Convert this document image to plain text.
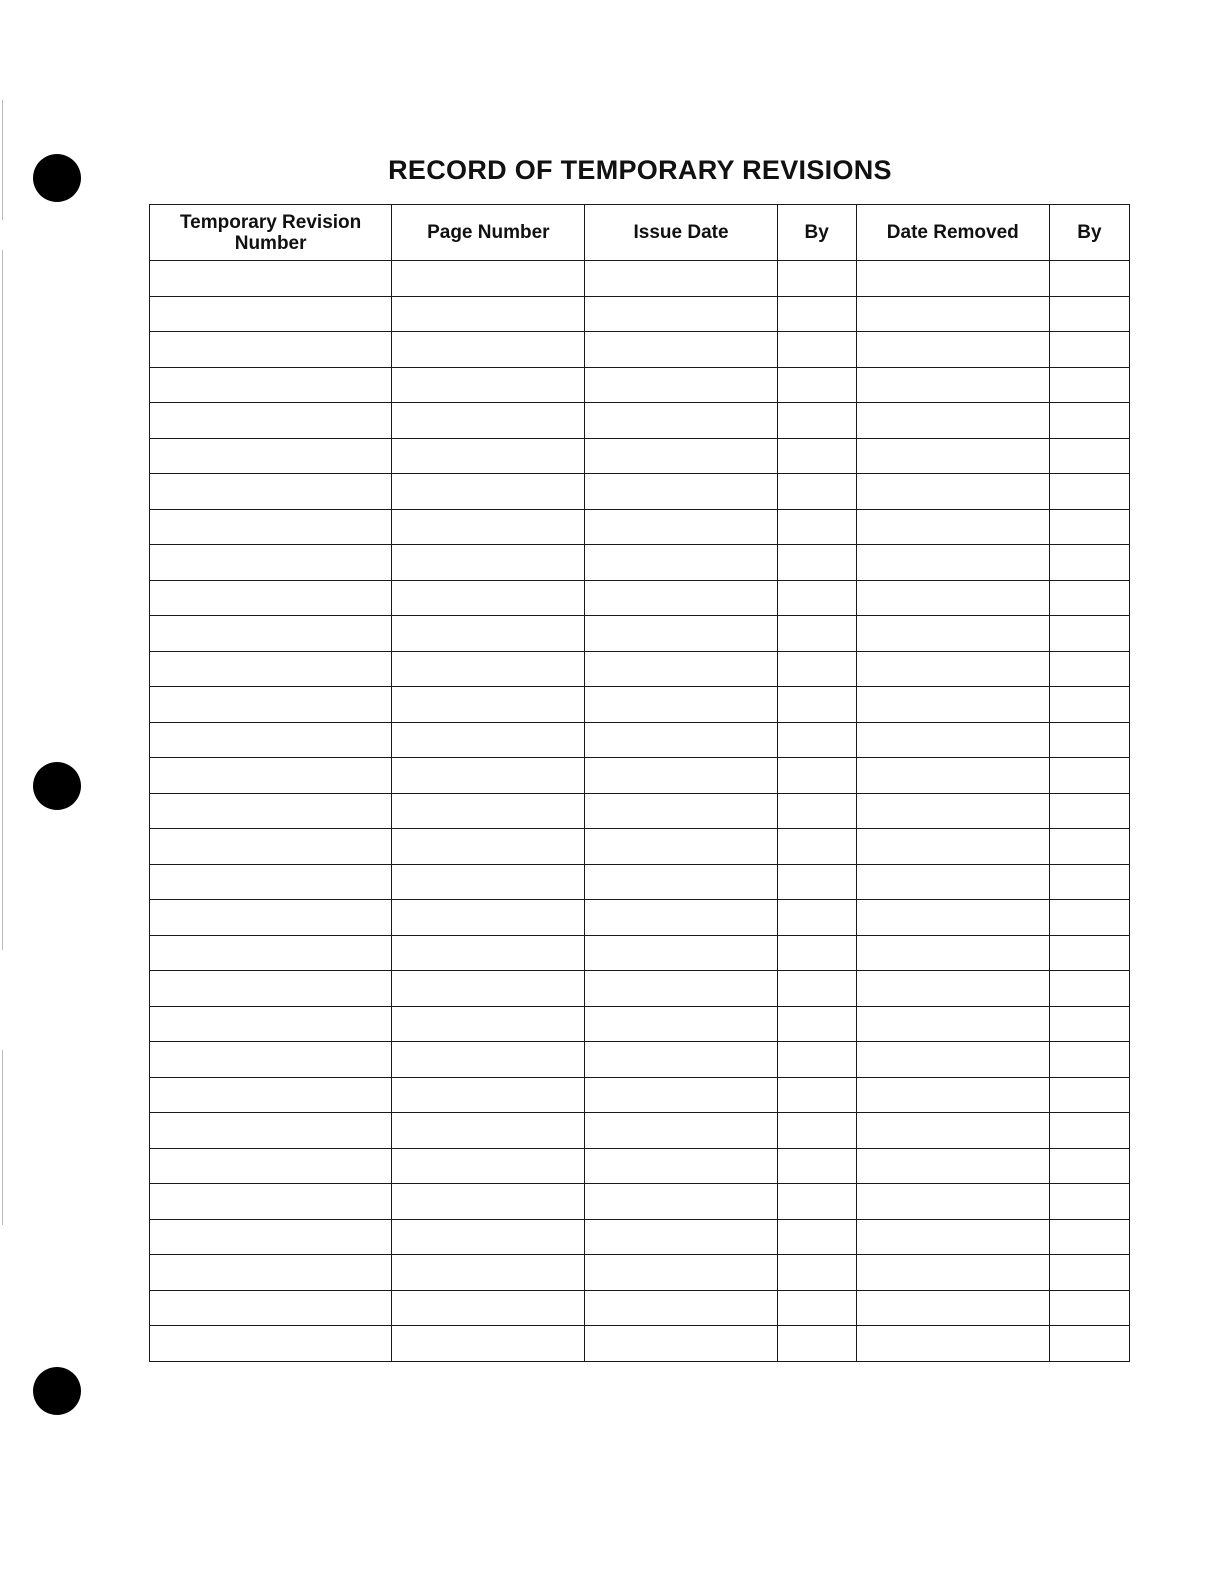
RECORD OF TEMPORARY REVISIONS
Temporary Revision Number	Page Number	Issue Date	By	Date Removed	By
